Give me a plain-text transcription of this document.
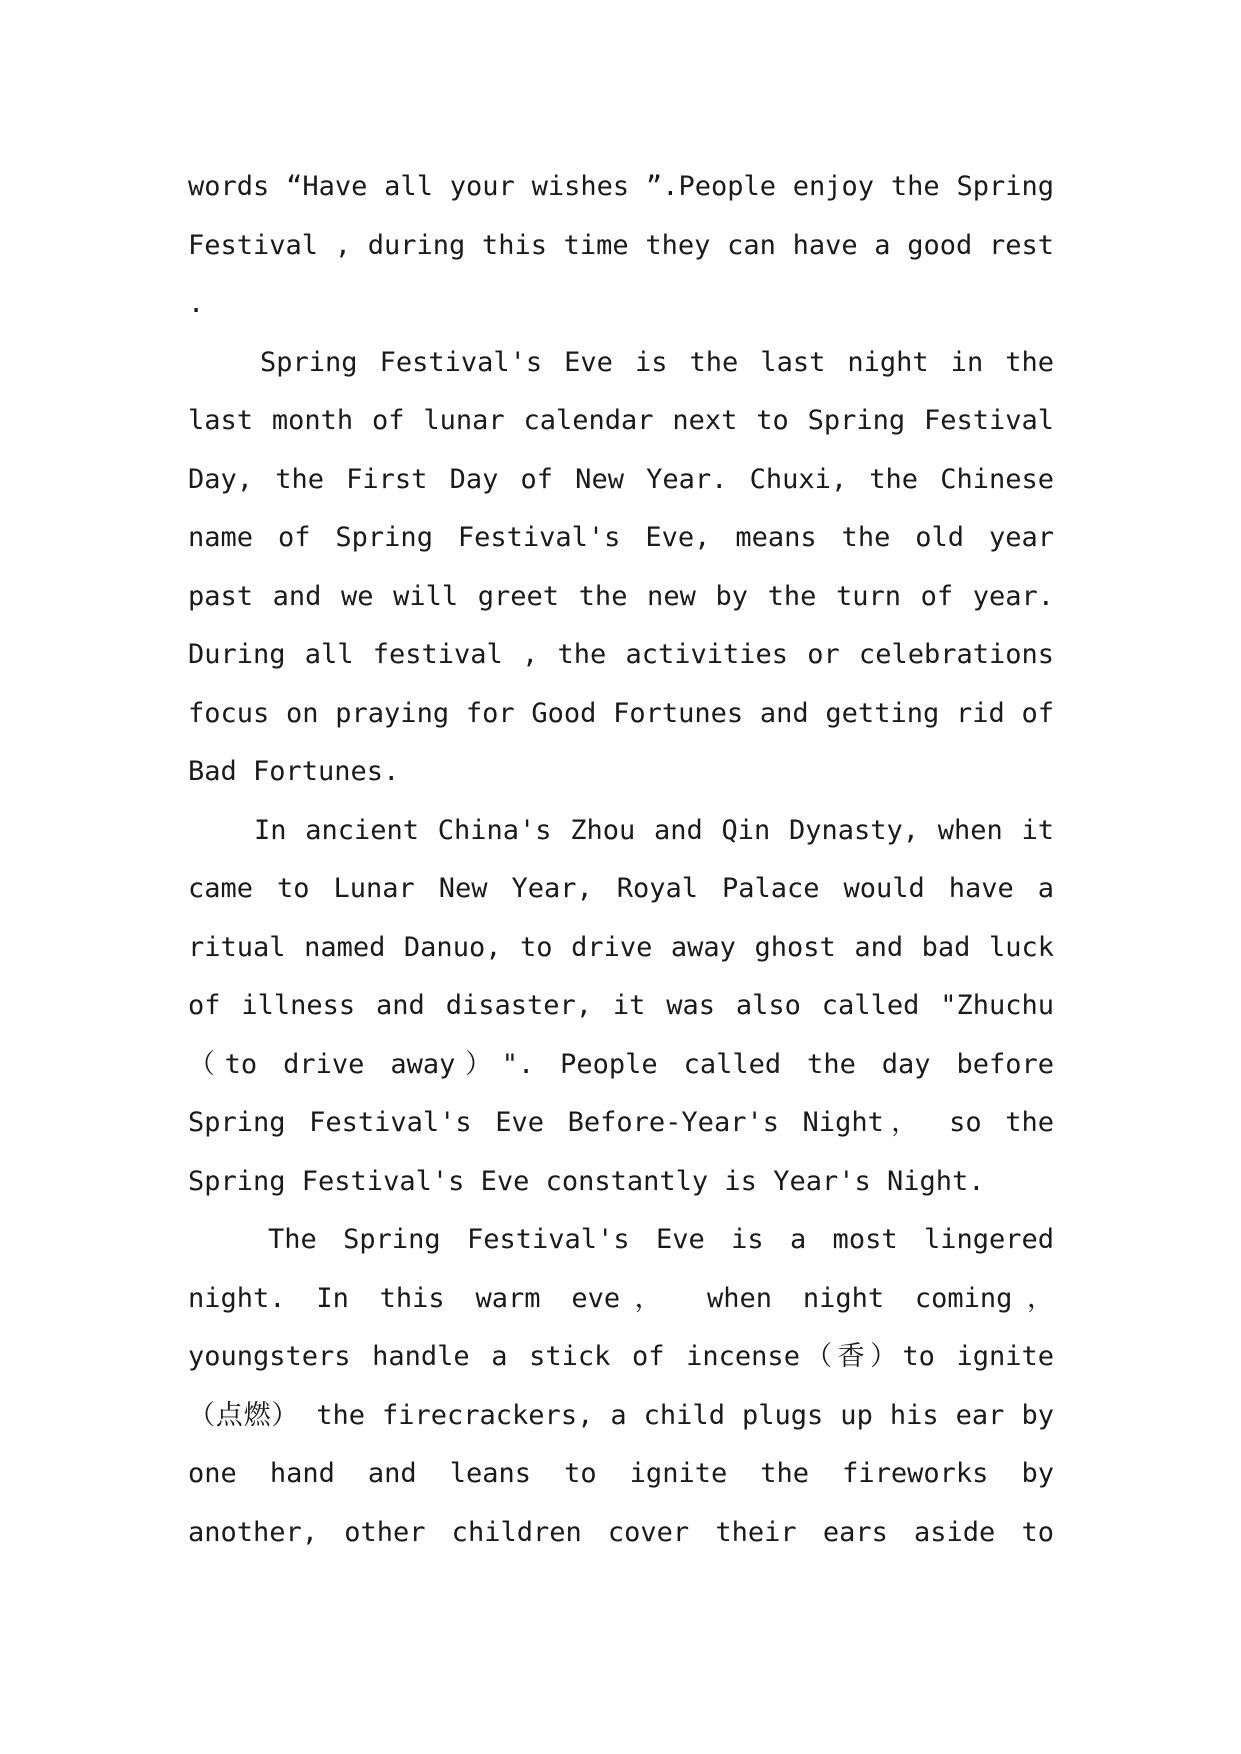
words “Have all your wishes ”.People enjoy the Spring Festival , during this time they can have a good rest .

Spring Festival's Eve is the last night in the last month of lunar calendar next to Spring Festival Day, the First Day of New Year. Chuxi, the Chinese name of Spring Festival's Eve, means the old year past and we will greet the new by the turn of year. During all festival , the activities or celebrations focus on praying for Good Fortunes and getting rid of Bad Fortunes.

In ancient China's Zhou and Qin Dynasty, when it came to Lunar New Year, Royal Palace would have a ritual named Danuo, to drive away ghost and bad luck of illness and disaster, it was also called "Zhuchu（to drive away）". People called the day before Spring Festival's Eve Before-Year's Night， so the Spring Festival's Eve constantly is Year's Night.

The Spring Festival's Eve is a most lingered night. In this warm eve， when night coming， youngsters handle a stick of incense（香）to ignite（点燃） the firecrackers, a child plugs up his ear by one hand and leans to ignite the fireworks by another, other children cover their ears aside to
